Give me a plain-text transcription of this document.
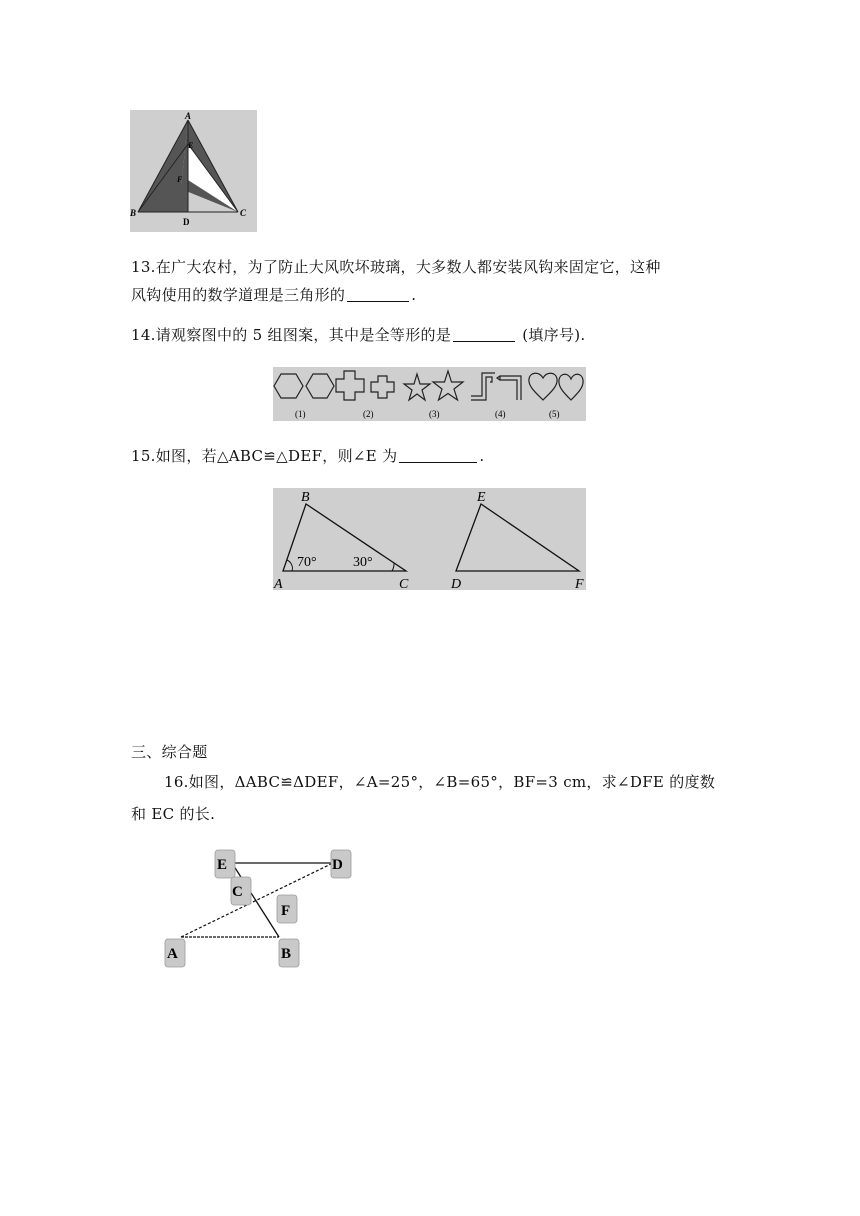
A
E
F
B
D
C
13.在广大农村，为了防止大风吹坏玻璃，大多数人都安装风钩来固定它，这种
风钩使用的数学道理是三角形的	.
14.请观察图中的 5 组图案，其中是全等形的是	(填序号).
(1)	(2)	(3)	(4)	(5)
15.如图，若△ABC≌△DEF，则∠E 为	.
B
A	C
70°	30°
E
D	F
三、综合题
16.如图，ΔABC≌ΔDEF，∠A=25°，∠B=65°，BF=3 cm，求∠DFE 的度数
和 EC 的长.
E	D
C
F
A	B
